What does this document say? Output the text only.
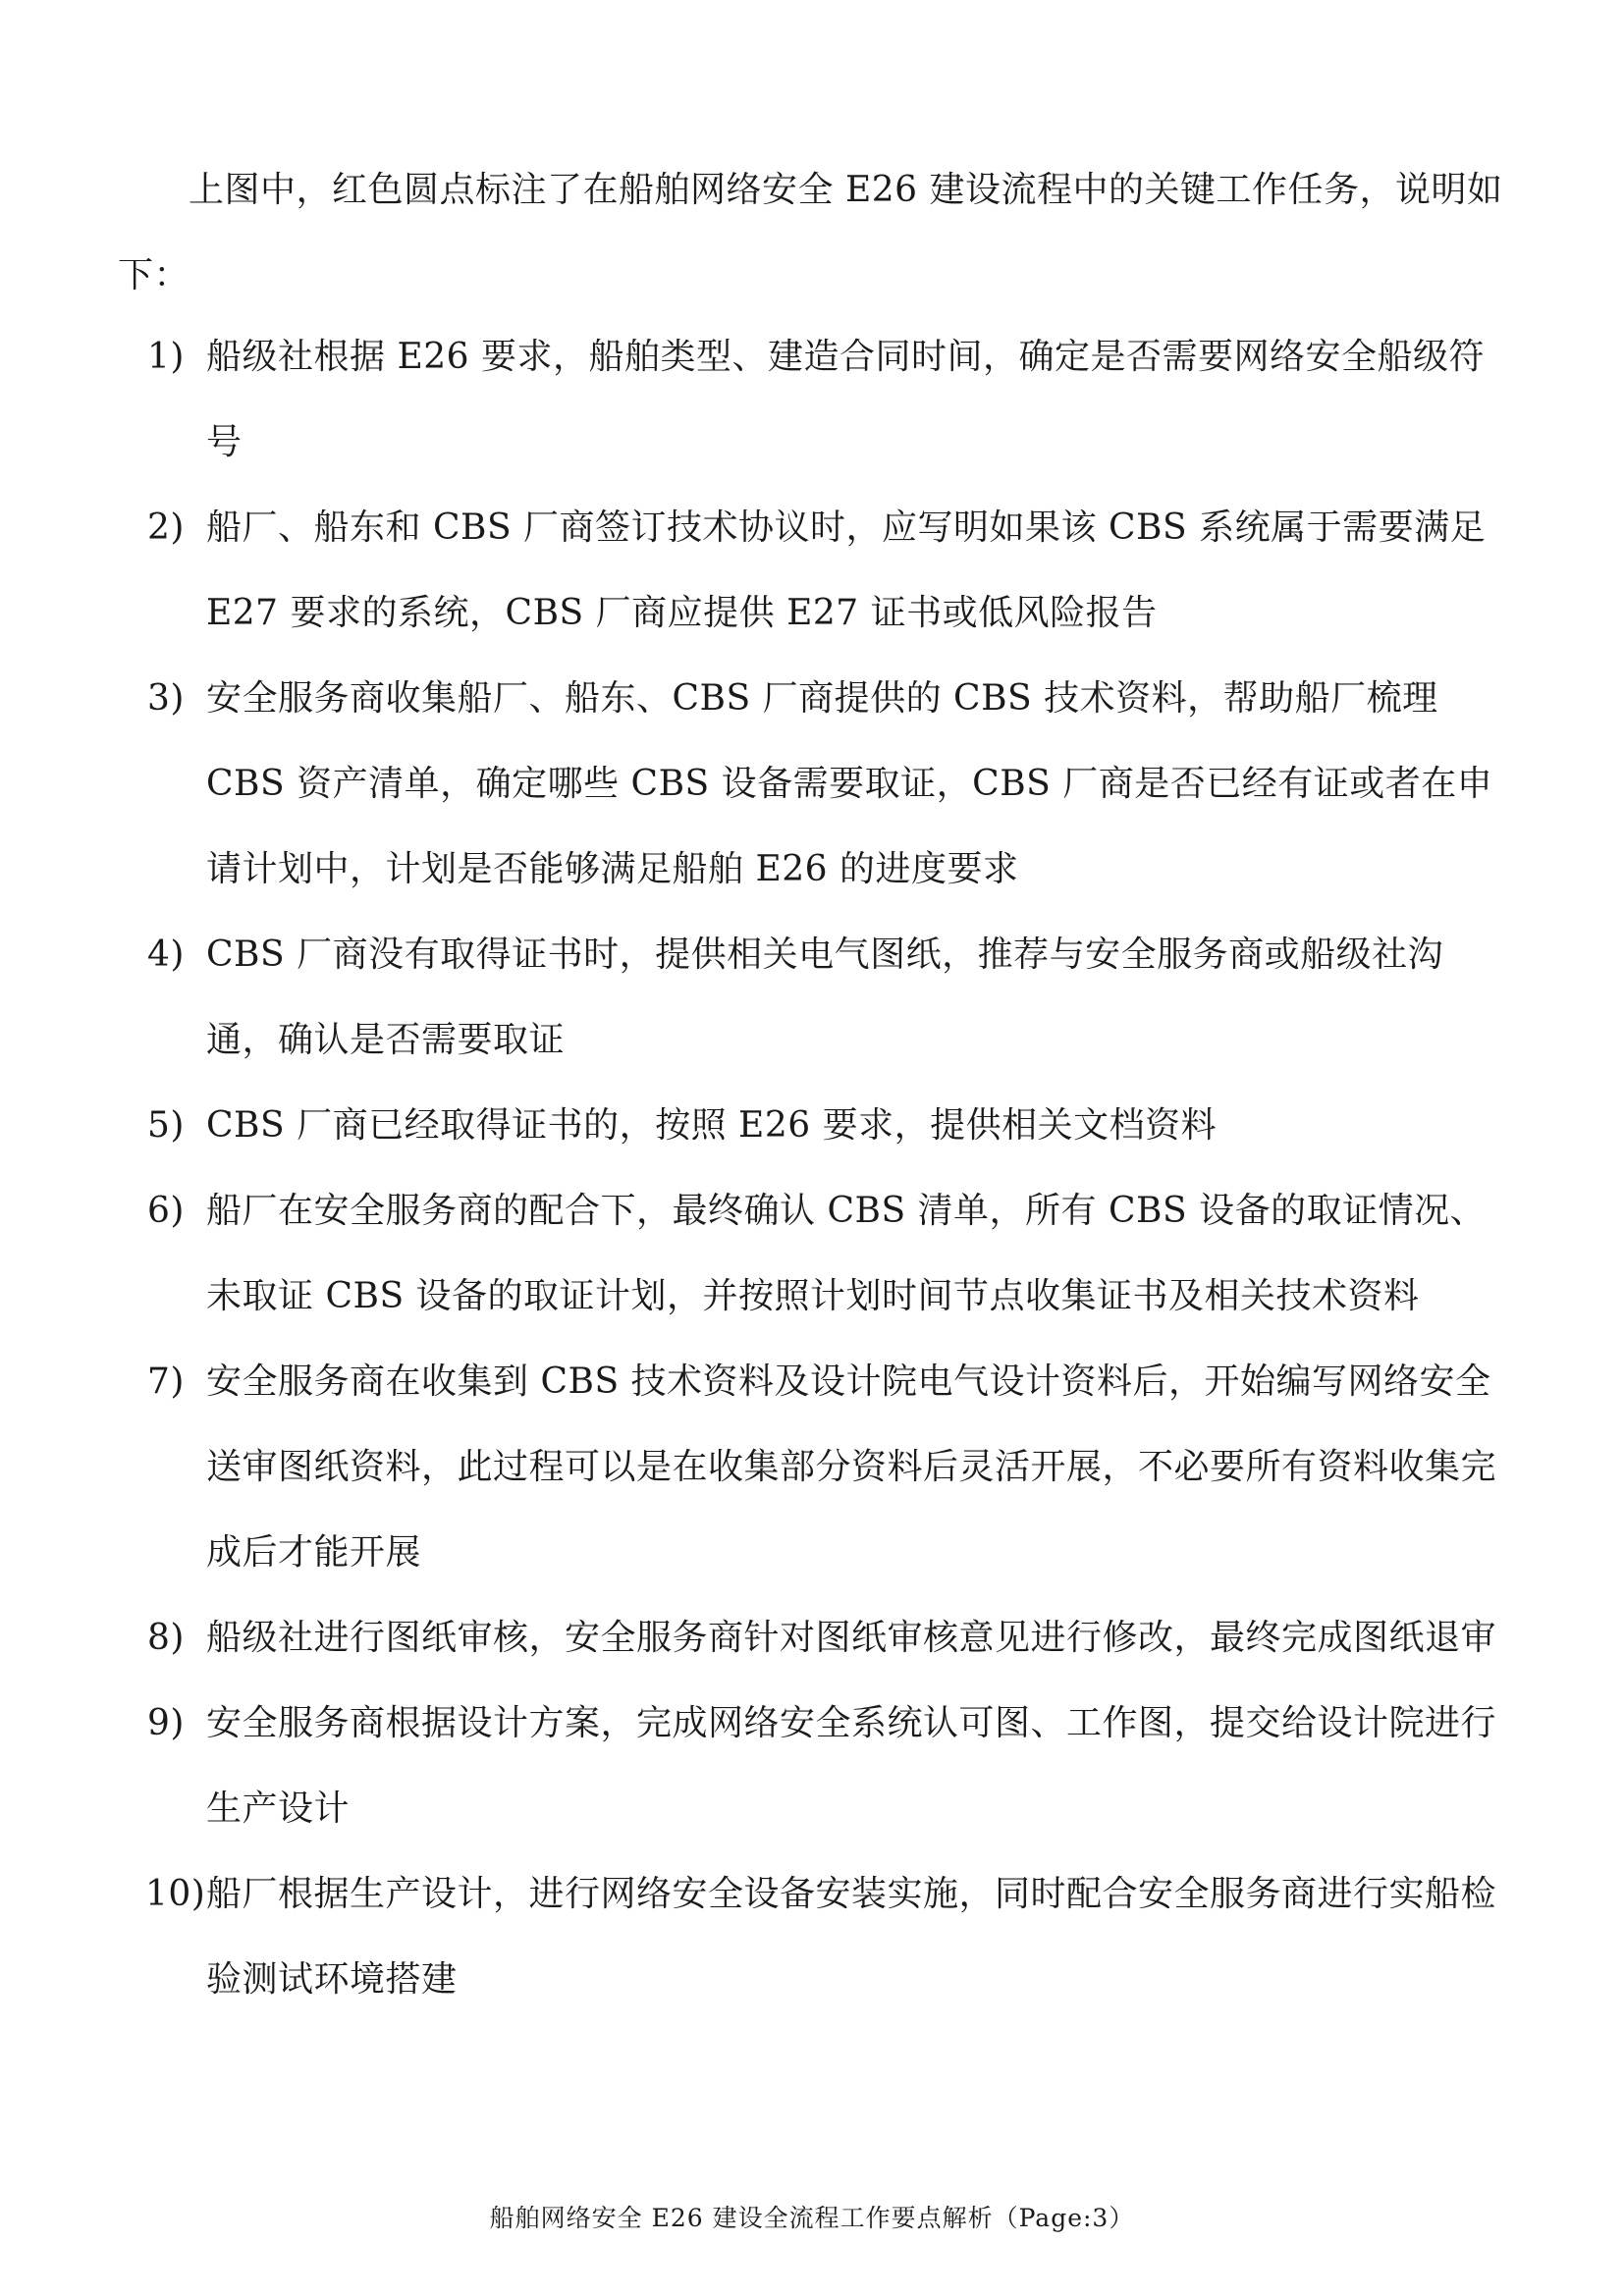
上图中，红色圆点标注了在船舶网络安全 E26 建设流程中的关键工作任务，说明如下：

1) 船级社根据 E26 要求，船舶类型、建造合同时间，确定是否需要网络安全船级符号
2) 船厂、船东和 CBS 厂商签订技术协议时，应写明如果该 CBS 系统属于需要满足 E27 要求的系统，CBS 厂商应提供 E27 证书或低风险报告
3) 安全服务商收集船厂、船东、CBS 厂商提供的 CBS 技术资料，帮助船厂梳理 CBS 资产清单，确定哪些 CBS 设备需要取证，CBS 厂商是否已经有证或者在申请计划中，计划是否能够满足船舶 E26 的进度要求
4) CBS 厂商没有取得证书时，提供相关电气图纸，推荐与安全服务商或船级社沟通，确认是否需要取证
5) CBS 厂商已经取得证书的，按照 E26 要求，提供相关文档资料
6) 船厂在安全服务商的配合下，最终确认 CBS 清单，所有 CBS 设备的取证情况、未取证 CBS 设备的取证计划，并按照计划时间节点收集证书及相关技术资料
7) 安全服务商在收集到 CBS 技术资料及设计院电气设计资料后，开始编写网络安全送审图纸资料，此过程可以是在收集部分资料后灵活开展，不必要所有资料收集完成后才能开展
8) 船级社进行图纸审核，安全服务商针对图纸审核意见进行修改，最终完成图纸退审
9) 安全服务商根据设计方案，完成网络安全系统认可图、工作图，提交给设计院进行生产设计
10) 船厂根据生产设计，进行网络安全设备安装实施，同时配合安全服务商进行实船检验测试环境搭建
船舶网络安全 E26 建设全流程工作要点解析（Page:3）
